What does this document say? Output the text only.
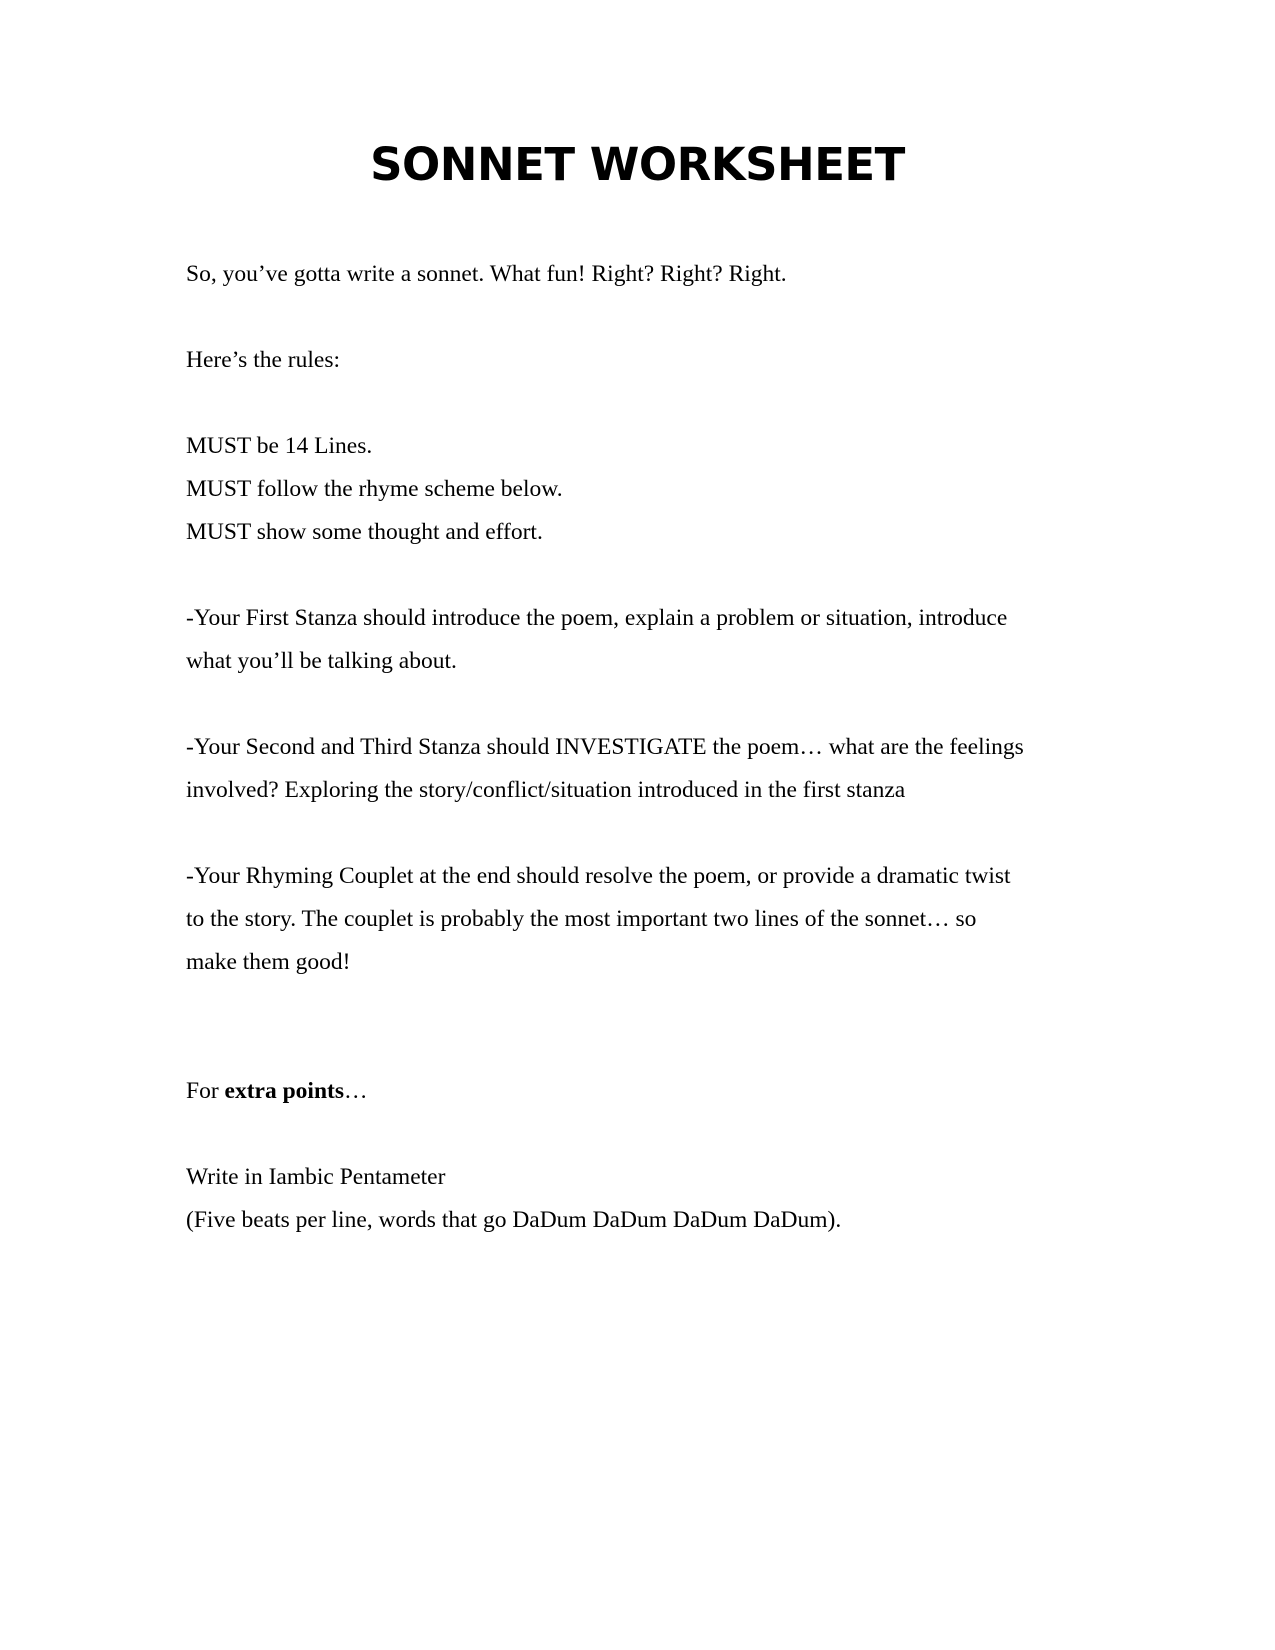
SONNET WORKSHEET
So, you’ve gotta write a sonnet. What fun! Right? Right? Right.
Here’s the rules:
MUST be 14 Lines.
MUST follow the rhyme scheme below.
MUST show some thought and effort.
-Your First Stanza should introduce the poem, explain a problem or situation, introduce
what you’ll be talking about.
-Your Second and Third Stanza should INVESTIGATE the poem… what are the feelings
involved? Exploring the story/conflict/situation introduced in the first stanza
-Your Rhyming Couplet at the end should resolve the poem, or provide a dramatic twist
to the story. The couplet is probably the most important two lines of the sonnet… so
make them good!
For extra points…
Write in Iambic Pentameter
(Five beats per line, words that go DaDum DaDum DaDum DaDum).
